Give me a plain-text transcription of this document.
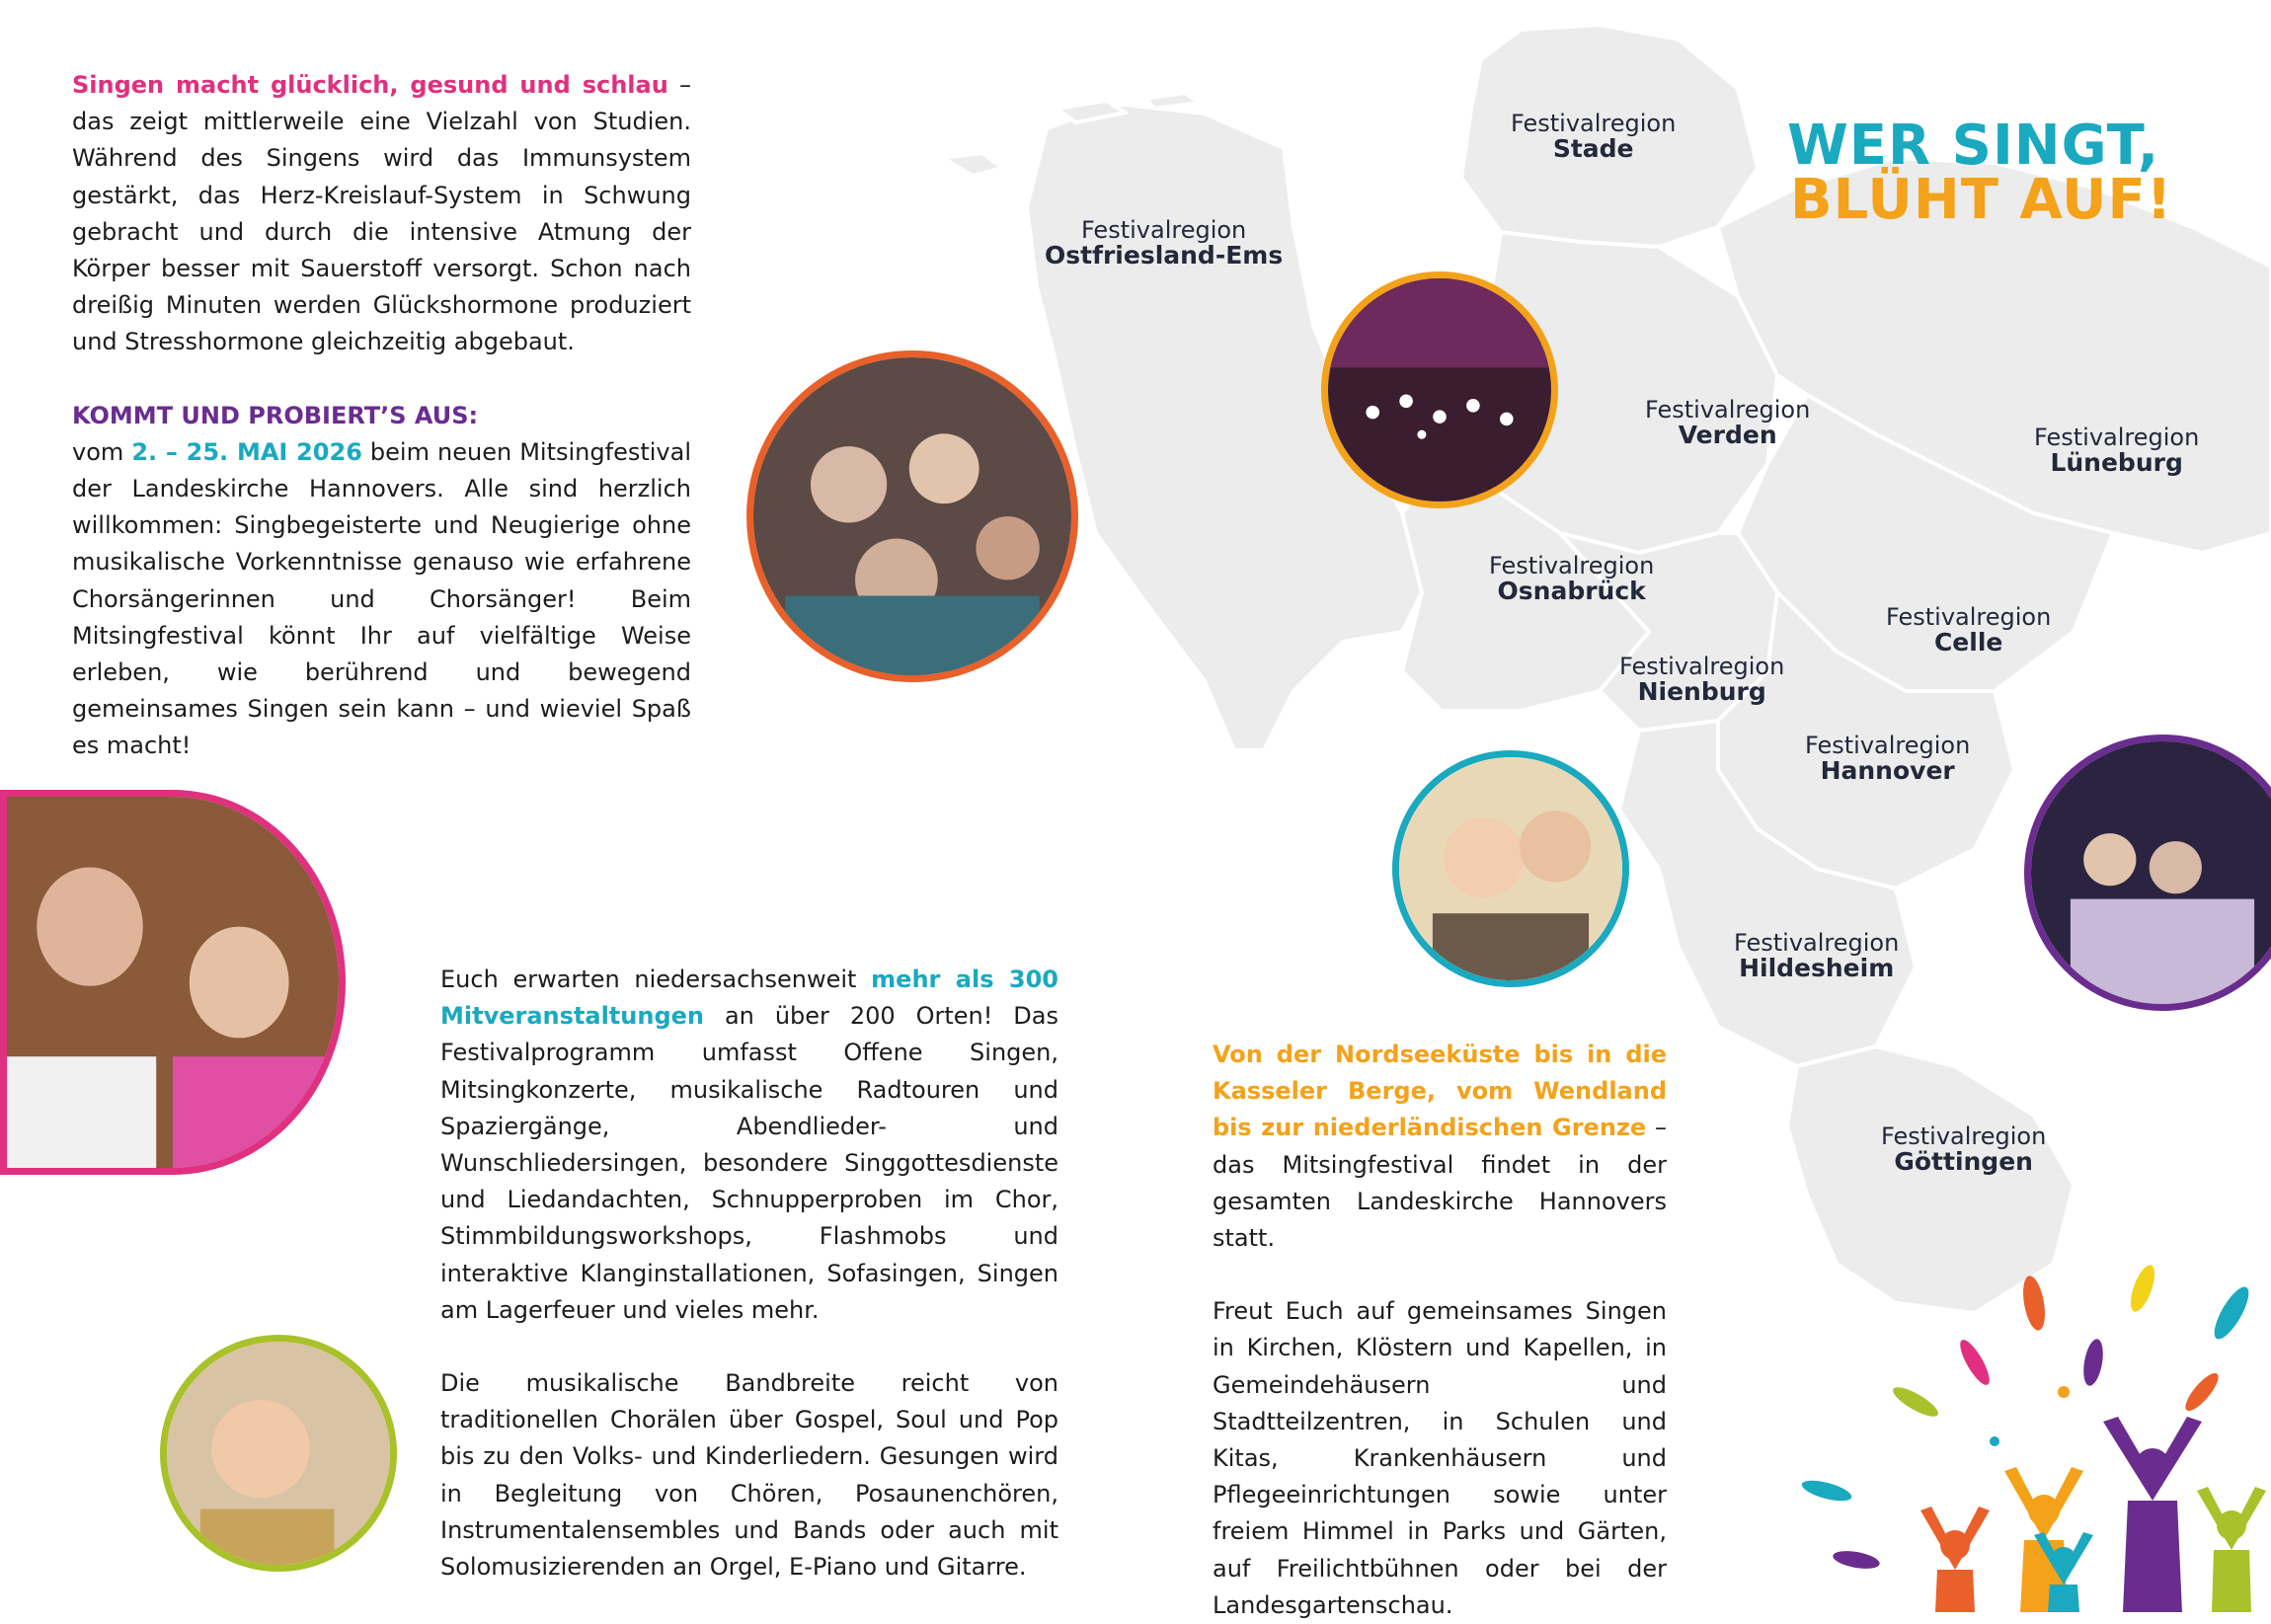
WER SINGT,
BLÜHT AUF!
Festivalregion
Stade
Festivalregion
Ostfriesland-Ems
Festivalregion
Verden	Festivalregion
Lüneburg
Festivalregion
Osnabrück
Festivalregion
Celle
Festivalregion
Nienburg
Festivalregion
Hannover
Festivalregion
Hildesheim
Festivalregion
Göttingen

Singen macht glücklich, gesund und schlau – das zeigt mittlerweile eine Vielzahl von Studien. Während des Singens wird das Immunsystem gestärkt, das Herz-Kreislauf-System in Schwung gebracht und durch die intensive Atmung der Körper besser mit Sauerstoff versorgt. Schon nach dreißig Minuten werden Glückshormone produziert und Stresshormone gleichzeitig abgebaut.

KOMMT UND PROBIERT’S AUS:

vom 2. – 25. MAI 2026 beim neuen Mitsingfestival der Landeskirche Hannovers. Alle sind herzlich willkommen: Singbegeisterte und Neugierige ohne musikalische Vorkenntnisse genauso wie erfahrene Chorsängerinnen und Chorsänger! Beim Mitsingfestival könnt Ihr auf vielfältige Weise erleben, wie berührend und bewegend gemeinsames Singen sein kann – und wieviel Spaß es macht!

Euch erwarten niedersachsenweit mehr als 300 Mitveranstaltungen an über 200 Orten! Das Festivalprogramm umfasst Offene Singen, Mitsingkonzerte, musikalische Radtouren und Spaziergänge, Abendlieder- und Wunschliedersingen, besondere Singgottesdienste und Liedandachten, Schnupperproben im Chor, Stimmbildungsworkshops, Flashmobs und interaktive Klanginstallationen, Sofasingen, Singen am Lagerfeuer und vieles mehr.

Die musikalische Bandbreite reicht von traditionellen Chorälen über Gospel, Soul und Pop bis zu den Volks- und Kinderliedern. Gesungen wird in Begleitung von Chören, Posaunenchören, Instrumentalensembles und Bands oder auch mit Solomusizierenden an Orgel, E-Piano und Gitarre.

Von der Nordseeküste bis in die Kasseler Berge, vom Wendland bis zur niederländischen Grenze – das Mitsingfestival findet in der gesamten Landeskirche Hannovers statt.

Freut Euch auf gemeinsames Singen in Kirchen, Klöstern und Kapellen, in Gemeindehäusern und Stadtteilzentren, in Schulen und Kitas, Krankenhäusern und Pflegeeinrichtungen sowie unter freiem Himmel in Parks und Gärten, auf Freilichtbühnen oder bei der Landesgartenschau.
